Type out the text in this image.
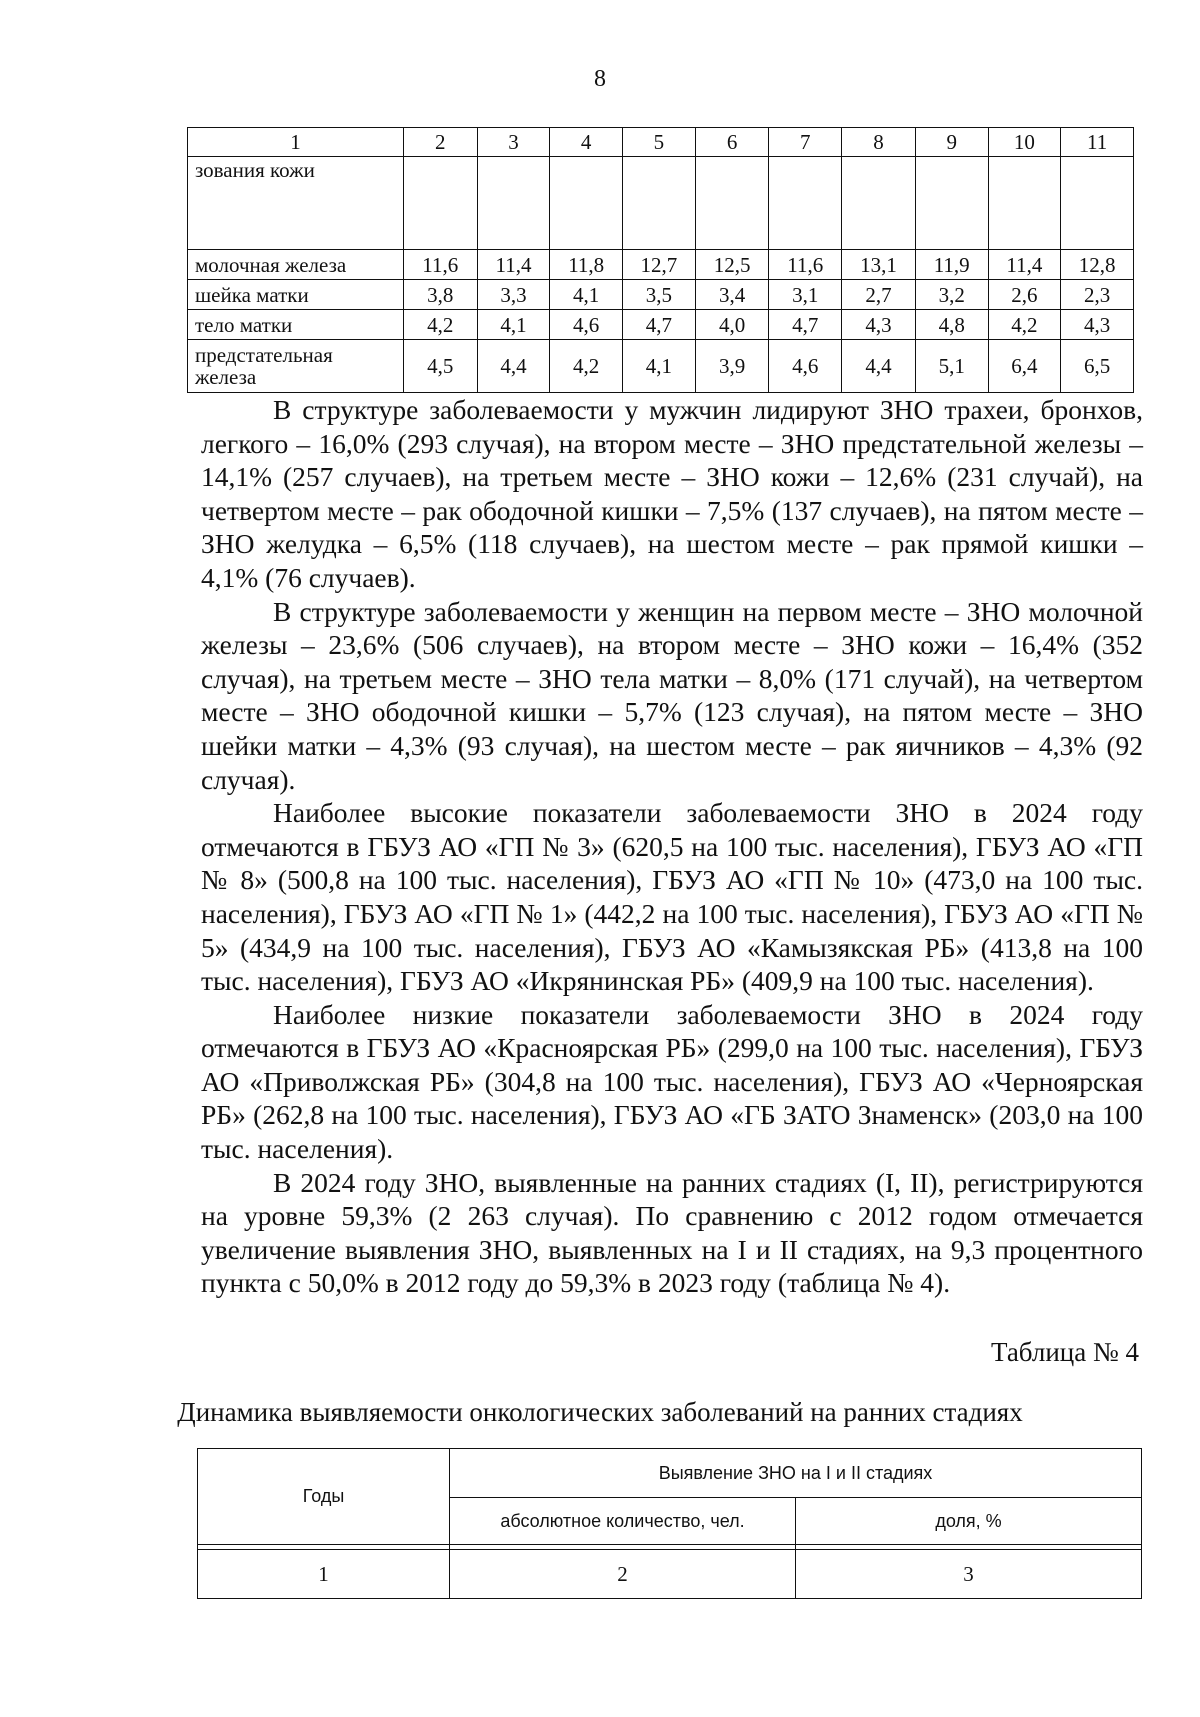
8
1	2	3	4	5	6	7	8	9	10	11
зования кожи										
молочная железа	11,6	11,4	11,8	12,7	12,5	11,6	13,1	11,9	11,4	12,8
шейка матки	3,8	3,3	4,1	3,5	3,4	3,1	2,7	3,2	2,6	2,3
тело матки	4,2	4,1	4,6	4,7	4,0	4,7	4,3	4,8	4,2	4,3
предстательная железа	4,5	4,4	4,2	4,1	3,9	4,6	4,4	5,1	6,4	6,5

В структуре заболеваемости у мужчин лидируют ЗНО трахеи, бронхов, легкого – 16,0% (293 случая), на втором месте – ЗНО предстательной железы – 14,1% (257 случаев), на третьем месте – ЗНО кожи – 12,6% (231 случай), на четвертом месте – рак ободочной кишки – 7,5% (137 случаев), на пятом месте – ЗНО желудка – 6,5% (118 случаев), на шестом месте – рак прямой кишки – 4,1% (76 случаев).

В структуре заболеваемости у женщин на первом месте – ЗНО молочной железы – 23,6% (506 случаев), на втором месте – ЗНО кожи – 16,4% (352 случая), на третьем месте – ЗНО тела матки – 8,0% (171 случай), на четвертом месте – ЗНО ободочной кишки – 5,7% (123 случая), на пятом месте – ЗНО шейки матки – 4,3% (93 случая), на шестом месте – рак яичников – 4,3% (92 случая).

Наиболее высокие показатели заболеваемости ЗНО в 2024 году отмечаются в ГБУЗ АО «ГП № 3» (620,5 на 100 тыс. населения), ГБУЗ АО «ГП № 8» (500,8 на 100 тыс. населения), ГБУЗ АО «ГП № 10» (473,0 на 100 тыс. населения), ГБУЗ АО «ГП № 1» (442,2 на 100 тыс. населения), ГБУЗ АО «ГП № 5» (434,9 на 100 тыс. населения), ГБУЗ АО «Камызякская РБ» (413,8 на 100 тыс. населения), ГБУЗ АО «Икрянинская РБ» (409,9 на 100 тыс. населения).

Наиболее низкие показатели заболеваемости ЗНО в 2024 году отмечаются в ГБУЗ АО «Красноярская РБ» (299,0 на 100 тыс. населения), ГБУЗ АО «Приволжская РБ» (304,8 на 100 тыс. населения), ГБУЗ АО «Черноярская РБ» (262,8 на 100 тыс. населения), ГБУЗ АО «ГБ ЗАТО Знаменск» (203,0 на 100 тыс. населения).

В 2024 году ЗНО, выявленные на ранних стадиях (I, II), регистрируются на уровне 59,3% (2 263 случая). По сравнению с 2012 годом отмечается увеличение выявления ЗНО, выявленных на I и II стадиях, на 9,3 процентного пункта с 50,0% в 2012 году до 59,3% в 2023 году (таблица № 4).

Таблица № 4
Динамика выявляемости онкологических заболеваний на ранних стадиях
Годы	Выявление ЗНО на I и II стадиях	
	абсолютное количество, чел.	доля, %

1	2	3
